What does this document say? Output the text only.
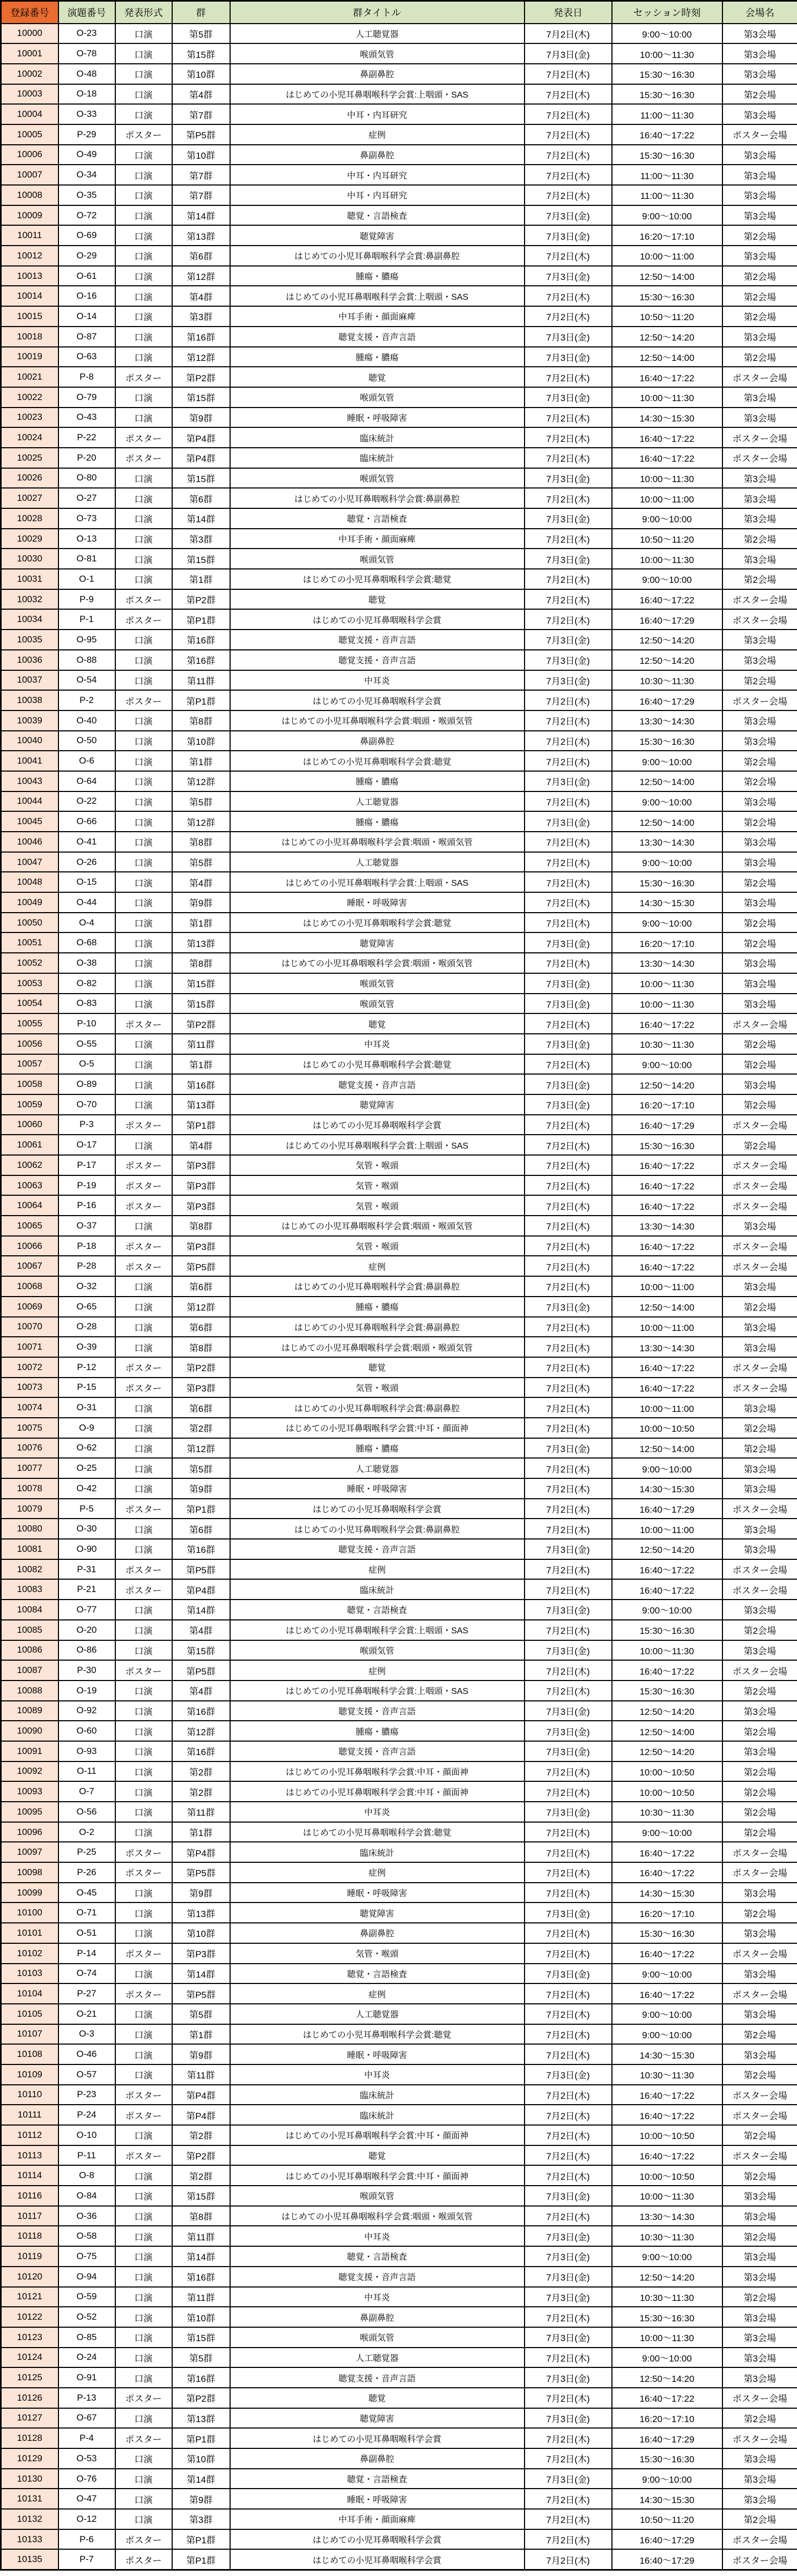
登録番号	演題番号	発表形式	群	群タイトル	発表日	セッション時刻	会場名
10000	O-23	口演	第5群	人工聴覚器	7月2日(木)	9:00～10:00	第3会場
10001	O-78	口演	第15群	喉頭気管	7月3日(金)	10:00～11:30	第3会場
10002	O-48	口演	第10群	鼻副鼻腔	7月2日(木)	15:30～16:30	第3会場
10003	O-18	口演	第4群	はじめての小児耳鼻咽喉科学会賞:上咽頭・SAS	7月2日(木)	15:30～16:30	第2会場
10004	O-33	口演	第7群	中耳・内耳研究	7月2日(木)	11:00～11:30	第3会場
10005	P-29	ポスター	第P5群	症例	7月2日(木)	16:40～17:22	ポスター会場
10006	O-49	口演	第10群	鼻副鼻腔	7月2日(木)	15:30～16:30	第3会場
10007	O-34	口演	第7群	中耳・内耳研究	7月2日(木)	11:00～11:30	第3会場
10008	O-35	口演	第7群	中耳・内耳研究	7月2日(木)	11:00～11:30	第3会場
10009	O-72	口演	第14群	聴覚・言語検査	7月3日(金)	9:00～10:00	第3会場
10011	O-69	口演	第13群	聴覚障害	7月3日(金)	16:20～17:10	第2会場
10012	O-29	口演	第6群	はじめての小児耳鼻咽喉科学会賞:鼻副鼻腔	7月2日(木)	10:00～11:00	第3会場
10013	O-61	口演	第12群	腫瘍・膿瘍	7月3日(金)	12:50～14:00	第2会場
10014	O-16	口演	第4群	はじめての小児耳鼻咽喉科学会賞:上咽頭・SAS	7月2日(木)	15:30～16:30	第2会場
10015	O-14	口演	第3群	中耳手術・顔面麻痺	7月2日(木)	10:50～11:20	第2会場
10018	O-87	口演	第16群	聴覚支援・音声言語	7月3日(金)	12:50～14:20	第3会場
10019	O-63	口演	第12群	腫瘍・膿瘍	7月3日(金)	12:50～14:00	第2会場
10021	P-8	ポスター	第P2群	聴覚	7月2日(木)	16:40～17:22	ポスター会場
10022	O-79	口演	第15群	喉頭気管	7月3日(金)	10:00～11:30	第3会場
10023	O-43	口演	第9群	睡眠・呼吸障害	7月2日(木)	14:30～15:30	第3会場
10024	P-22	ポスター	第P4群	臨床統計	7月2日(木)	16:40～17:22	ポスター会場
10025	P-20	ポスター	第P4群	臨床統計	7月2日(木)	16:40～17:22	ポスター会場
10026	O-80	口演	第15群	喉頭気管	7月3日(金)	10:00～11:30	第3会場
10027	O-27	口演	第6群	はじめての小児耳鼻咽喉科学会賞:鼻副鼻腔	7月2日(木)	10:00～11:00	第3会場
10028	O-73	口演	第14群	聴覚・言語検査	7月3日(金)	9:00～10:00	第3会場
10029	O-13	口演	第3群	中耳手術・顔面麻痺	7月2日(木)	10:50～11:20	第2会場
10030	O-81	口演	第15群	喉頭気管	7月3日(金)	10:00～11:30	第3会場
10031	O-1	口演	第1群	はじめての小児耳鼻咽喉科学会賞:聴覚	7月2日(木)	9:00～10:00	第2会場
10032	P-9	ポスター	第P2群	聴覚	7月2日(木)	16:40～17:22	ポスター会場
10034	P-1	ポスター	第P1群	はじめての小児耳鼻咽喉科学会賞	7月2日(木)	16:40～17:29	ポスター会場
10035	O-95	口演	第16群	聴覚支援・音声言語	7月3日(金)	12:50～14:20	第3会場
10036	O-88	口演	第16群	聴覚支援・音声言語	7月3日(金)	12:50～14:20	第3会場
10037	O-54	口演	第11群	中耳炎	7月3日(金)	10:30～11:30	第2会場
10038	P-2	ポスター	第P1群	はじめての小児耳鼻咽喉科学会賞	7月2日(木)	16:40～17:29	ポスター会場
10039	O-40	口演	第8群	はじめての小児耳鼻咽喉科学会賞:咽頭・喉頭気管	7月2日(木)	13:30～14:30	第3会場
10040	O-50	口演	第10群	鼻副鼻腔	7月2日(木)	15:30～16:30	第3会場
10041	O-6	口演	第1群	はじめての小児耳鼻咽喉科学会賞:聴覚	7月2日(木)	9:00～10:00	第2会場
10043	O-64	口演	第12群	腫瘍・膿瘍	7月3日(金)	12:50～14:00	第2会場
10044	O-22	口演	第5群	人工聴覚器	7月2日(木)	9:00～10:00	第3会場
10045	O-66	口演	第12群	腫瘍・膿瘍	7月3日(金)	12:50～14:00	第2会場
10046	O-41	口演	第8群	はじめての小児耳鼻咽喉科学会賞:咽頭・喉頭気管	7月2日(木)	13:30～14:30	第3会場
10047	O-26	口演	第5群	人工聴覚器	7月2日(木)	9:00～10:00	第3会場
10048	O-15	口演	第4群	はじめての小児耳鼻咽喉科学会賞:上咽頭・SAS	7月2日(木)	15:30～16:30	第2会場
10049	O-44	口演	第9群	睡眠・呼吸障害	7月2日(木)	14:30～15:30	第3会場
10050	O-4	口演	第1群	はじめての小児耳鼻咽喉科学会賞:聴覚	7月2日(木)	9:00～10:00	第2会場
10051	O-68	口演	第13群	聴覚障害	7月3日(金)	16:20～17:10	第2会場
10052	O-38	口演	第8群	はじめての小児耳鼻咽喉科学会賞:咽頭・喉頭気管	7月2日(木)	13:30～14:30	第3会場
10053	O-82	口演	第15群	喉頭気管	7月3日(金)	10:00～11:30	第3会場
10054	O-83	口演	第15群	喉頭気管	7月3日(金)	10:00～11:30	第3会場
10055	P-10	ポスター	第P2群	聴覚	7月2日(木)	16:40～17:22	ポスター会場
10056	O-55	口演	第11群	中耳炎	7月3日(金)	10:30～11:30	第2会場
10057	O-5	口演	第1群	はじめての小児耳鼻咽喉科学会賞:聴覚	7月2日(木)	9:00～10:00	第2会場
10058	O-89	口演	第16群	聴覚支援・音声言語	7月3日(金)	12:50～14:20	第3会場
10059	O-70	口演	第13群	聴覚障害	7月3日(金)	16:20～17:10	第2会場
10060	P-3	ポスター	第P1群	はじめての小児耳鼻咽喉科学会賞	7月2日(木)	16:40～17:29	ポスター会場
10061	O-17	口演	第4群	はじめての小児耳鼻咽喉科学会賞:上咽頭・SAS	7月2日(木)	15:30～16:30	第2会場
10062	P-17	ポスター	第P3群	気管・喉頭	7月2日(木)	16:40～17:22	ポスター会場
10063	P-19	ポスター	第P3群	気管・喉頭	7月2日(木)	16:40～17:22	ポスター会場
10064	P-16	ポスター	第P3群	気管・喉頭	7月2日(木)	16:40～17:22	ポスター会場
10065	O-37	口演	第8群	はじめての小児耳鼻咽喉科学会賞:咽頭・喉頭気管	7月2日(木)	13:30～14:30	第3会場
10066	P-18	ポスター	第P3群	気管・喉頭	7月2日(木)	16:40～17:22	ポスター会場
10067	P-28	ポスター	第P5群	症例	7月2日(木)	16:40～17:22	ポスター会場
10068	O-32	口演	第6群	はじめての小児耳鼻咽喉科学会賞:鼻副鼻腔	7月2日(木)	10:00～11:00	第3会場
10069	O-65	口演	第12群	腫瘍・膿瘍	7月3日(金)	12:50～14:00	第2会場
10070	O-28	口演	第6群	はじめての小児耳鼻咽喉科学会賞:鼻副鼻腔	7月2日(木)	10:00～11:00	第3会場
10071	O-39	口演	第8群	はじめての小児耳鼻咽喉科学会賞:咽頭・喉頭気管	7月2日(木)	13:30～14:30	第3会場
10072	P-12	ポスター	第P2群	聴覚	7月2日(木)	16:40～17:22	ポスター会場
10073	P-15	ポスター	第P3群	気管・喉頭	7月2日(木)	16:40～17:22	ポスター会場
10074	O-31	口演	第6群	はじめての小児耳鼻咽喉科学会賞:鼻副鼻腔	7月2日(木)	10:00～11:00	第3会場
10075	O-9	口演	第2群	はじめての小児耳鼻咽喉科学会賞:中耳・顔面神	7月2日(木)	10:00～10:50	第2会場
10076	O-62	口演	第12群	腫瘍・膿瘍	7月3日(金)	12:50～14:00	第2会場
10077	O-25	口演	第5群	人工聴覚器	7月2日(木)	9:00～10:00	第3会場
10078	O-42	口演	第9群	睡眠・呼吸障害	7月2日(木)	14:30～15:30	第3会場
10079	P-5	ポスター	第P1群	はじめての小児耳鼻咽喉科学会賞	7月2日(木)	16:40～17:29	ポスター会場
10080	O-30	口演	第6群	はじめての小児耳鼻咽喉科学会賞:鼻副鼻腔	7月2日(木)	10:00～11:00	第3会場
10081	O-90	口演	第16群	聴覚支援・音声言語	7月3日(金)	12:50～14:20	第3会場
10082	P-31	ポスター	第P5群	症例	7月2日(木)	16:40～17:22	ポスター会場
10083	P-21	ポスター	第P4群	臨床統計	7月2日(木)	16:40～17:22	ポスター会場
10084	O-77	口演	第14群	聴覚・言語検査	7月3日(金)	9:00～10:00	第3会場
10085	O-20	口演	第4群	はじめての小児耳鼻咽喉科学会賞:上咽頭・SAS	7月2日(木)	15:30～16:30	第2会場
10086	O-86	口演	第15群	喉頭気管	7月3日(金)	10:00～11:30	第3会場
10087	P-30	ポスター	第P5群	症例	7月2日(木)	16:40～17:22	ポスター会場
10088	O-19	口演	第4群	はじめての小児耳鼻咽喉科学会賞:上咽頭・SAS	7月2日(木)	15:30～16:30	第2会場
10089	O-92	口演	第16群	聴覚支援・音声言語	7月3日(金)	12:50～14:20	第3会場
10090	O-60	口演	第12群	腫瘍・膿瘍	7月3日(金)	12:50～14:00	第2会場
10091	O-93	口演	第16群	聴覚支援・音声言語	7月3日(金)	12:50～14:20	第3会場
10092	O-11	口演	第2群	はじめての小児耳鼻咽喉科学会賞:中耳・顔面神	7月2日(木)	10:00～10:50	第2会場
10093	O-7	口演	第2群	はじめての小児耳鼻咽喉科学会賞:中耳・顔面神	7月2日(木)	10:00～10:50	第2会場
10095	O-56	口演	第11群	中耳炎	7月3日(金)	10:30～11:30	第2会場
10096	O-2	口演	第1群	はじめての小児耳鼻咽喉科学会賞:聴覚	7月2日(木)	9:00～10:00	第2会場
10097	P-25	ポスター	第P4群	臨床統計	7月2日(木)	16:40～17:22	ポスター会場
10098	P-26	ポスター	第P5群	症例	7月2日(木)	16:40～17:22	ポスター会場
10099	O-45	口演	第9群	睡眠・呼吸障害	7月2日(木)	14:30～15:30	第3会場
10100	O-71	口演	第13群	聴覚障害	7月3日(金)	16:20～17:10	第2会場
10101	O-51	口演	第10群	鼻副鼻腔	7月2日(木)	15:30～16:30	第3会場
10102	P-14	ポスター	第P3群	気管・喉頭	7月2日(木)	16:40～17:22	ポスター会場
10103	O-74	口演	第14群	聴覚・言語検査	7月3日(金)	9:00～10:00	第3会場
10104	P-27	ポスター	第P5群	症例	7月2日(木)	16:40～17:22	ポスター会場
10105	O-21	口演	第5群	人工聴覚器	7月2日(木)	9:00～10:00	第3会場
10107	O-3	口演	第1群	はじめての小児耳鼻咽喉科学会賞:聴覚	7月2日(木)	9:00～10:00	第2会場
10108	O-46	口演	第9群	睡眠・呼吸障害	7月2日(木)	14:30～15:30	第3会場
10109	O-57	口演	第11群	中耳炎	7月3日(金)	10:30～11:30	第2会場
10110	P-23	ポスター	第P4群	臨床統計	7月2日(木)	16:40～17:22	ポスター会場
10111	P-24	ポスター	第P4群	臨床統計	7月2日(木)	16:40～17:22	ポスター会場
10112	O-10	口演	第2群	はじめての小児耳鼻咽喉科学会賞:中耳・顔面神	7月2日(木)	10:00～10:50	第2会場
10113	P-11	ポスター	第P2群	聴覚	7月2日(木)	16:40～17:22	ポスター会場
10114	O-8	口演	第2群	はじめての小児耳鼻咽喉科学会賞:中耳・顔面神	7月2日(木)	10:00～10:50	第2会場
10116	O-84	口演	第15群	喉頭気管	7月3日(金)	10:00～11:30	第3会場
10117	O-36	口演	第8群	はじめての小児耳鼻咽喉科学会賞:咽頭・喉頭気管	7月2日(木)	13:30～14:30	第3会場
10118	O-58	口演	第11群	中耳炎	7月3日(金)	10:30～11:30	第2会場
10119	O-75	口演	第14群	聴覚・言語検査	7月3日(金)	9:00～10:00	第3会場
10120	O-94	口演	第16群	聴覚支援・音声言語	7月3日(金)	12:50～14:20	第3会場
10121	O-59	口演	第11群	中耳炎	7月3日(金)	10:30～11:30	第2会場
10122	O-52	口演	第10群	鼻副鼻腔	7月2日(木)	15:30～16:30	第3会場
10123	O-85	口演	第15群	喉頭気管	7月3日(金)	10:00～11:30	第3会場
10124	O-24	口演	第5群	人工聴覚器	7月2日(木)	9:00～10:00	第3会場
10125	O-91	口演	第16群	聴覚支援・音声言語	7月3日(金)	12:50～14:20	第3会場
10126	P-13	ポスター	第P2群	聴覚	7月2日(木)	16:40～17:22	ポスター会場
10127	O-67	口演	第13群	聴覚障害	7月3日(金)	16:20～17:10	第2会場
10128	P-4	ポスター	第P1群	はじめての小児耳鼻咽喉科学会賞	7月2日(木)	16:40～17:29	ポスター会場
10129	O-53	口演	第10群	鼻副鼻腔	7月2日(木)	15:30～16:30	第3会場
10130	O-76	口演	第14群	聴覚・言語検査	7月3日(金)	9:00～10:00	第3会場
10131	O-47	口演	第9群	睡眠・呼吸障害	7月2日(木)	14:30～15:30	第3会場
10132	O-12	口演	第3群	中耳手術・顔面麻痺	7月2日(木)	10:50～11:20	第2会場
10133	P-6	ポスター	第P1群	はじめての小児耳鼻咽喉科学会賞	7月2日(木)	16:40～17:29	ポスター会場
10135	P-7	ポスター	第P1群	はじめての小児耳鼻咽喉科学会賞	7月2日(木)	16:40～17:29	ポスター会場
